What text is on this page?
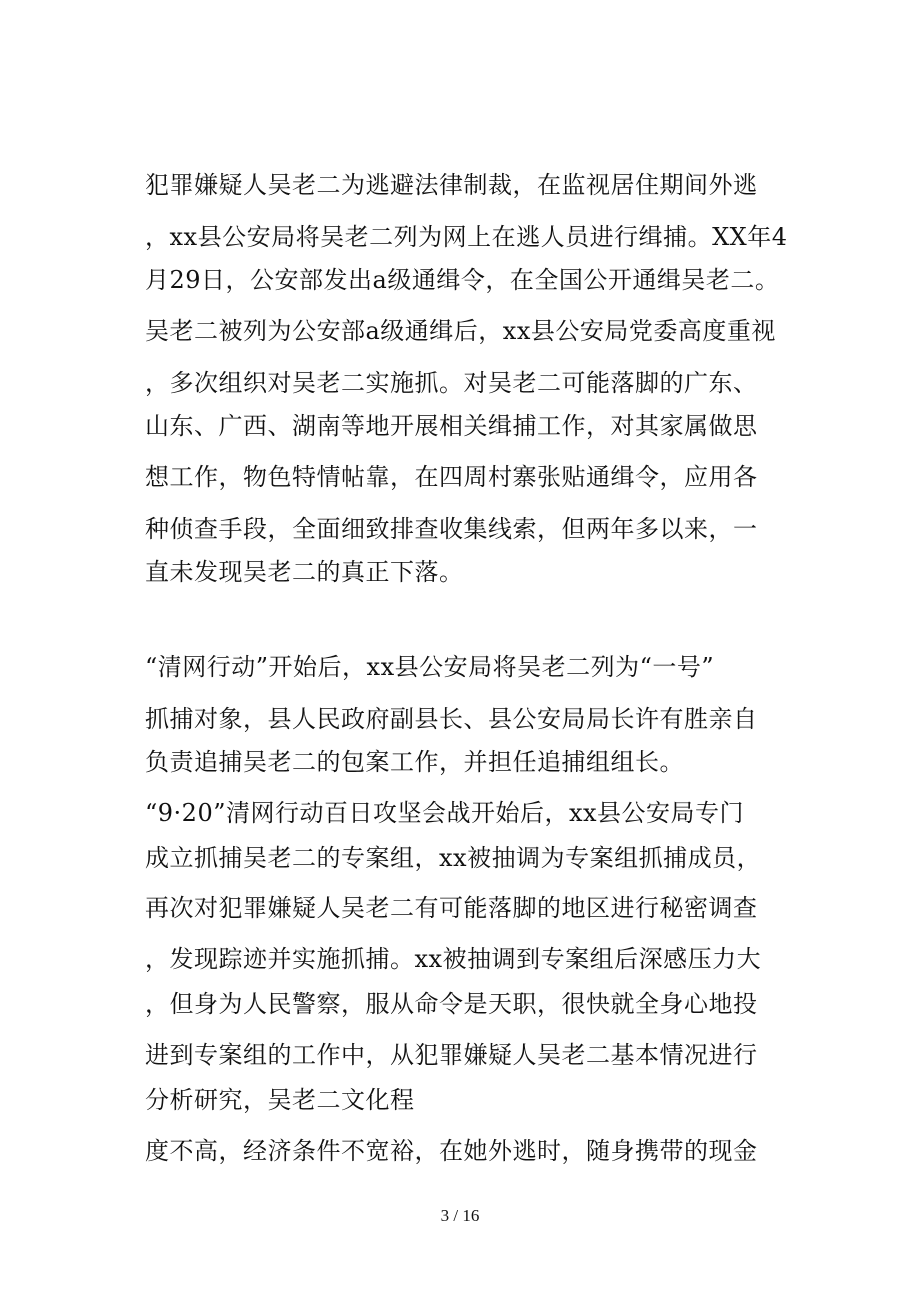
犯罪嫌疑人吴老二为逃避法律制裁，在监视居住期间外逃
，xx县公安局将吴老二列为网上在逃人员进行缉捕。XX年4
月29日，公安部发出a级通缉令，在全国公开通缉吴老二。
吴老二被列为公安部a级通缉后，xx县公安局党委高度重视
，多次组织对吴老二实施抓。对吴老二可能落脚的广东、
山东、广西、湖南等地开展相关缉捕工作，对其家属做思
想工作，物色特情帖靠，在四周村寨张贴通缉令，应用各
种侦查手段，全面细致排查收集线索，但两年多以来，一
直未发现吴老二的真正下落。
“清网行动”开始后，xx县公安局将吴老二列为“一号”
抓捕对象，县人民政府副县长、县公安局局长许有胜亲自
负责追捕吴老二的包案工作，并担任追捕组组长。
“9·20”清网行动百日攻坚会战开始后，xx县公安局专门
成立抓捕吴老二的专案组，xx被抽调为专案组抓捕成员，
再次对犯罪嫌疑人吴老二有可能落脚的地区进行秘密调查
，发现踪迹并实施抓捕。xx被抽调到专案组后深感压力大
，但身为人民警察，服从命令是天职，很快就全身心地投
进到专案组的工作中，从犯罪嫌疑人吴老二基本情况进行
分析研究，吴老二文化程
度不高，经济条件不宽裕，在她外逃时，随身携带的现金
3 / 16
